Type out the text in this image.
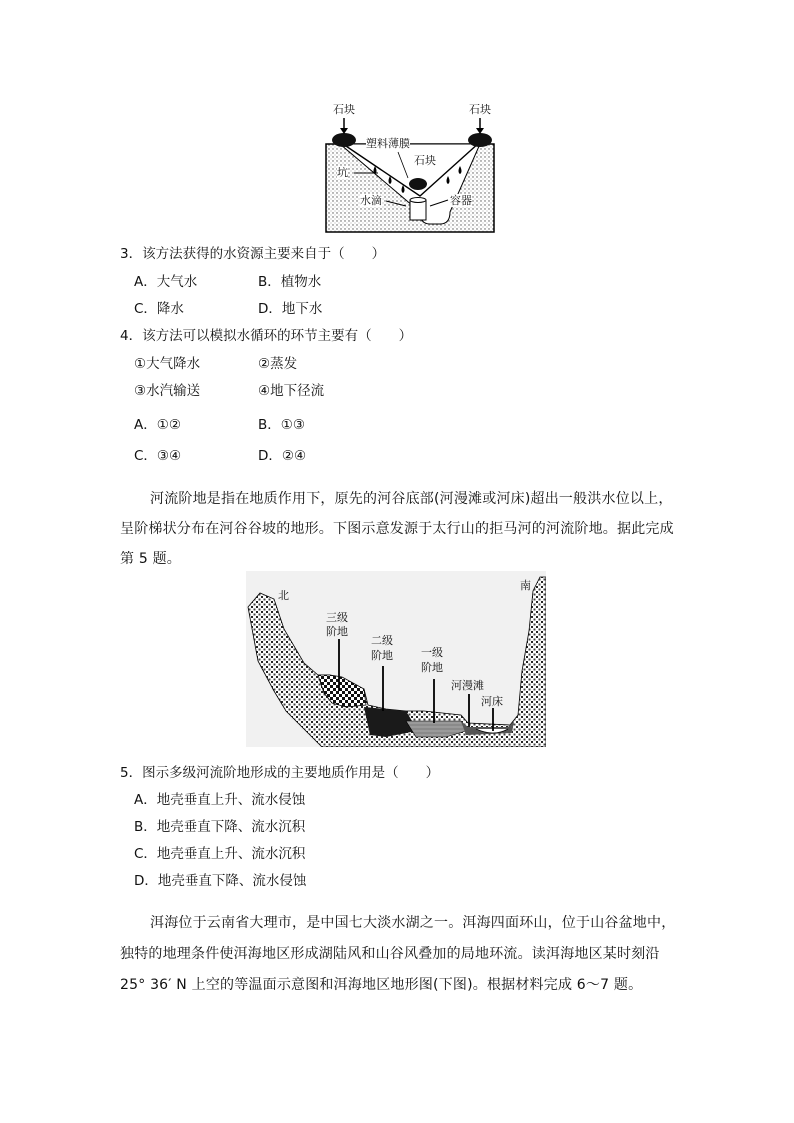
石块	石块
塑料薄膜
石块
坑
水滴	容器
3．该方法获得的水资源主要来自于（　　）
A．大气水	B．植物水
C．降水	D．地下水
4．该方法可以模拟水循环的环节主要有（　　）
①大气降水	②蒸发
③水汽输送	④地下径流
A．①②	B．①③
C．③④	D．②④
河流阶地是指在地质作用下，原先的河谷底部(河漫滩或河床)超出一般洪水位以上，
呈阶梯状分布在河谷谷坡的地形。下图示意发源于太行山的拒马河的河流阶地。据此完成
第 5 题。
北
南
三级
阶地
二级
阶地	一级
阶地
河漫滩
河床
5．图示多级河流阶地形成的主要地质作用是（　　）
A．地壳垂直上升、流水侵蚀
B．地壳垂直下降、流水沉积
C．地壳垂直上升、流水沉积
D．地壳垂直下降、流水侵蚀
洱海位于云南省大理市，是中国七大淡水湖之一。洱海四面环山，位于山谷盆地中，
独特的地理条件使洱海地区形成湖陆风和山谷风叠加的局地环流。读洱海地区某时刻沿
25° 36′ N 上空的等温面示意图和洱海地区地形图(下图)。根据材料完成 6～7 题。
